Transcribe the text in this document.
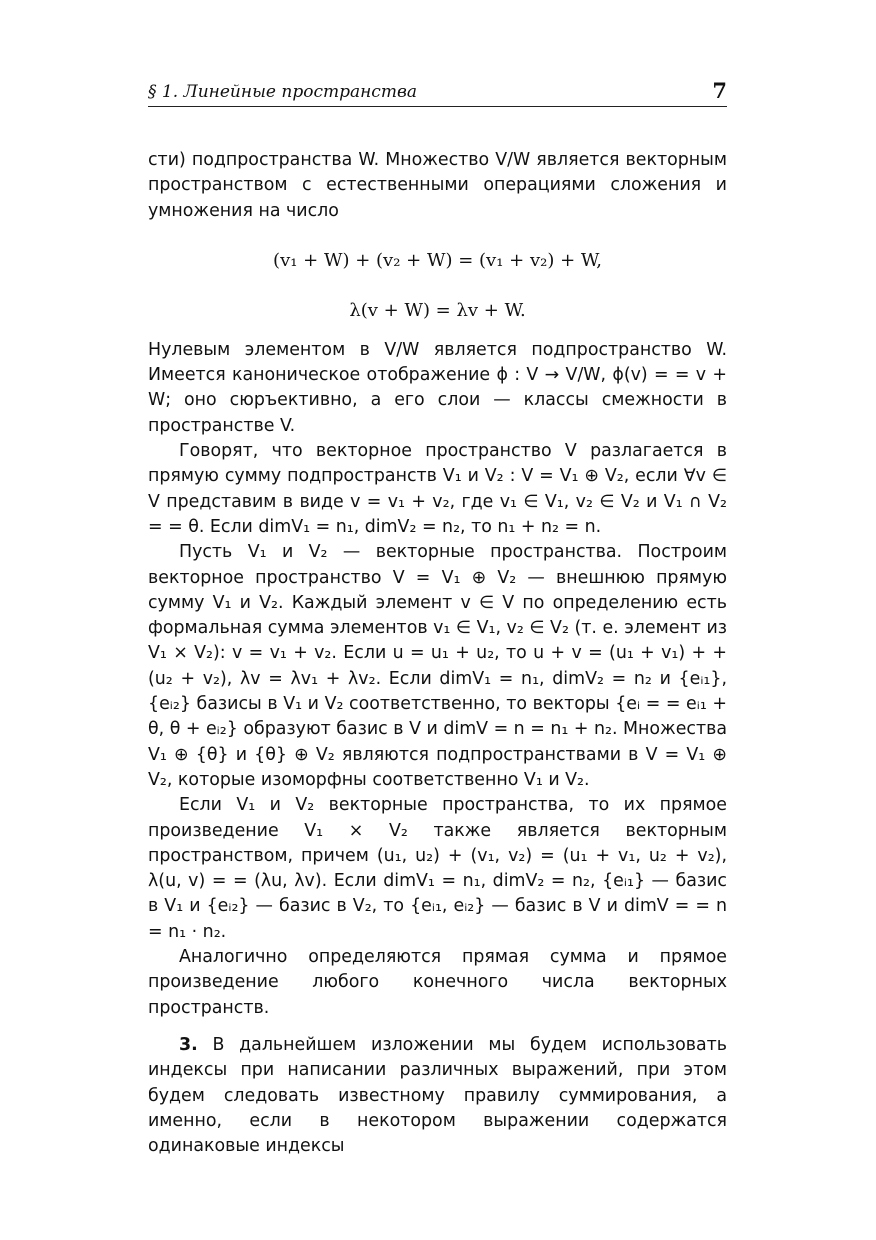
§ 1. Линейные пространства	7

сти) подпространства W. Множество V/W является векторным пространством с естественными операциями сложения и умножения на число

(v₁ + W) + (v₂ + W) = (v₁ + v₂) + W,
λ(v + W) = λv + W.

Нулевым элементом в V/W является подпространство W. Имеется каноническое отображение ϕ : V → V/W, ϕ(v) = = v + W; оно сюръективно, а его слои — классы смежности в пространстве V.

Говорят, что векторное пространство V разлагается в прямую сумму подпространств V₁ и V₂ : V = V₁ ⊕ V₂, если ∀v ∈ V представим в виде v = v₁ + v₂, где v₁ ∈ V₁, v₂ ∈ V₂ и V₁ ∩ V₂ = = θ. Если dimV₁ = n₁, dimV₂ = n₂, то n₁ + n₂ = n.

Пусть V₁ и V₂ — векторные пространства. Построим векторное пространство V = V₁ ⊕ V₂ — внешнюю прямую сумму V₁ и V₂. Каждый элемент v ∈ V по определению есть формальная сумма элементов v₁ ∈ V₁, v₂ ∈ V₂ (т. е. элемент из V₁ × V₂): v = v₁ + v₂. Если u = u₁ + u₂, то u + v = (u₁ + v₁) + + (u₂ + v₂), λv = λv₁ + λv₂. Если dimV₁ = n₁, dimV₂ = n₂ и {eᵢ₁}, {eᵢ₂} базисы в V₁ и V₂ соответственно, то векторы {eᵢ = = eᵢ₁ + θ, θ + eᵢ₂} образуют базис в V и dimV = n = n₁ + n₂. Множества V₁ ⊕ {θ} и {θ} ⊕ V₂ являются подпространствами в V = V₁ ⊕ V₂, которые изоморфны соответственно V₁ и V₂.

Если V₁ и V₂ векторные пространства, то их прямое произведение V₁ × V₂ также является векторным пространством, причем (u₁, u₂) + (v₁, v₂) = (u₁ + v₁, u₂ + v₂), λ(u, v) = = (λu, λv). Если dimV₁ = n₁, dimV₂ = n₂, {eᵢ₁} — базис в V₁ и {eᵢ₂} — базис в V₂, то {eᵢ₁, eᵢ₂} — базис в V и dimV = = n = n₁ · n₂.

Аналогично определяются прямая сумма и прямое произведение любого конечного числа векторных пространств.

3. В дальнейшем изложении мы будем использовать индексы при написании различных выражений, при этом будем следовать известному правилу суммирования, а именно, если в некотором выражении содержатся одинаковые индексы
